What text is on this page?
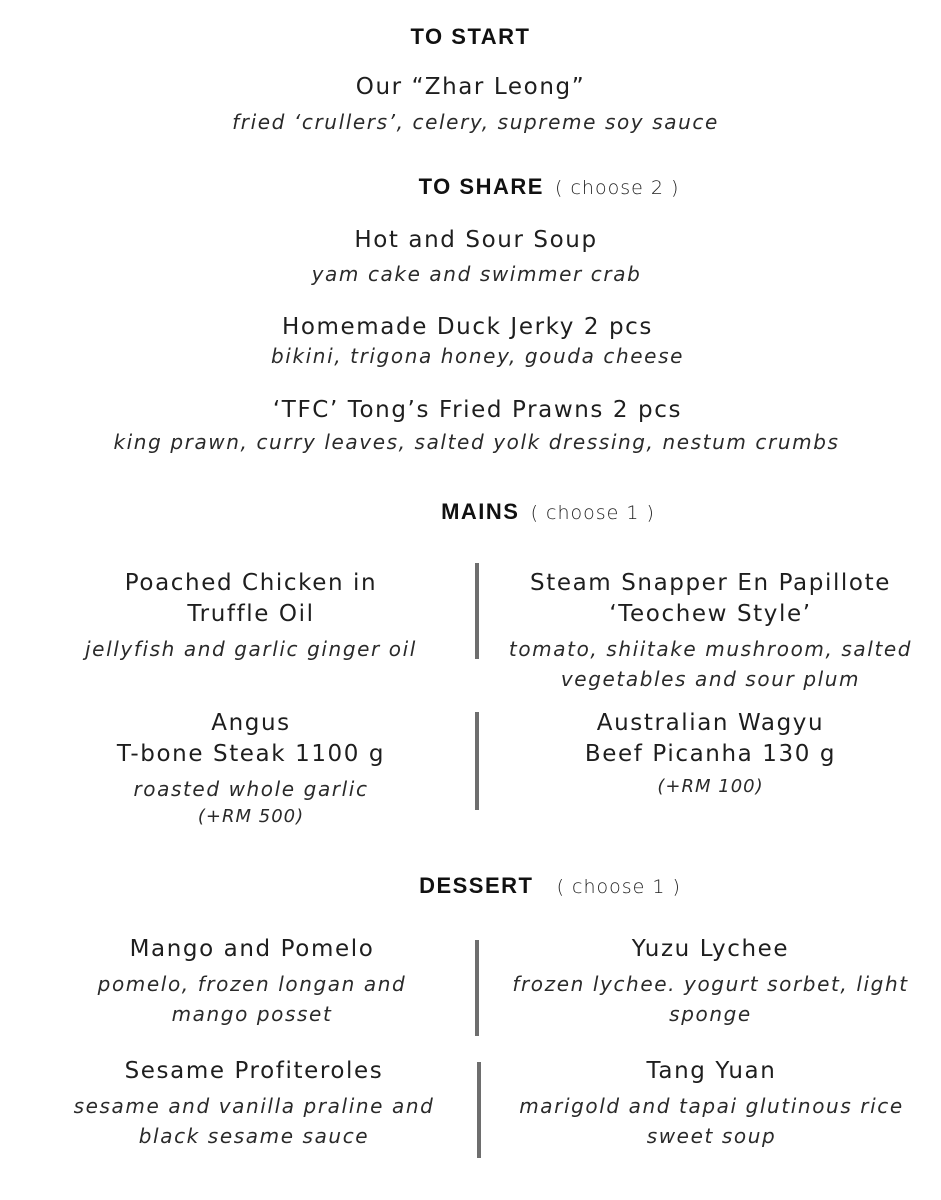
TO START
Our “Zhar Leong”
fried ‘crullers’, celery, supreme soy sauce
TO SHARE ( choose 2 )
Hot and Sour Soup
yam cake and swimmer crab
Homemade Duck Jerky 2 pcs
bikini, trigona honey, gouda cheese
‘TFC’ Tong’s Fried Prawns 2 pcs
king prawn, curry leaves, salted yolk dressing, nestum crumbs
MAINS ( choose 1 )
Poached Chicken in
Truffle Oil
jellyfish and garlic ginger oil
Steam Snapper En Papillote
‘Teochew Style’
tomato, shiitake mushroom, salted
vegetables and sour plum
Angus
T-bone Steak 1100 g
roasted whole garlic
(+RM 500)
Australian Wagyu
Beef Picanha 130 g
(+RM 100)
DESSERT ( choose 1 )
Mango and Pomelo
pomelo, frozen longan and
mango posset
Yuzu Lychee
frozen lychee. yogurt sorbet, light
sponge
Sesame Profiteroles
sesame and vanilla praline and
black sesame sauce
Tang Yuan
marigold and tapai glutinous rice
sweet soup
